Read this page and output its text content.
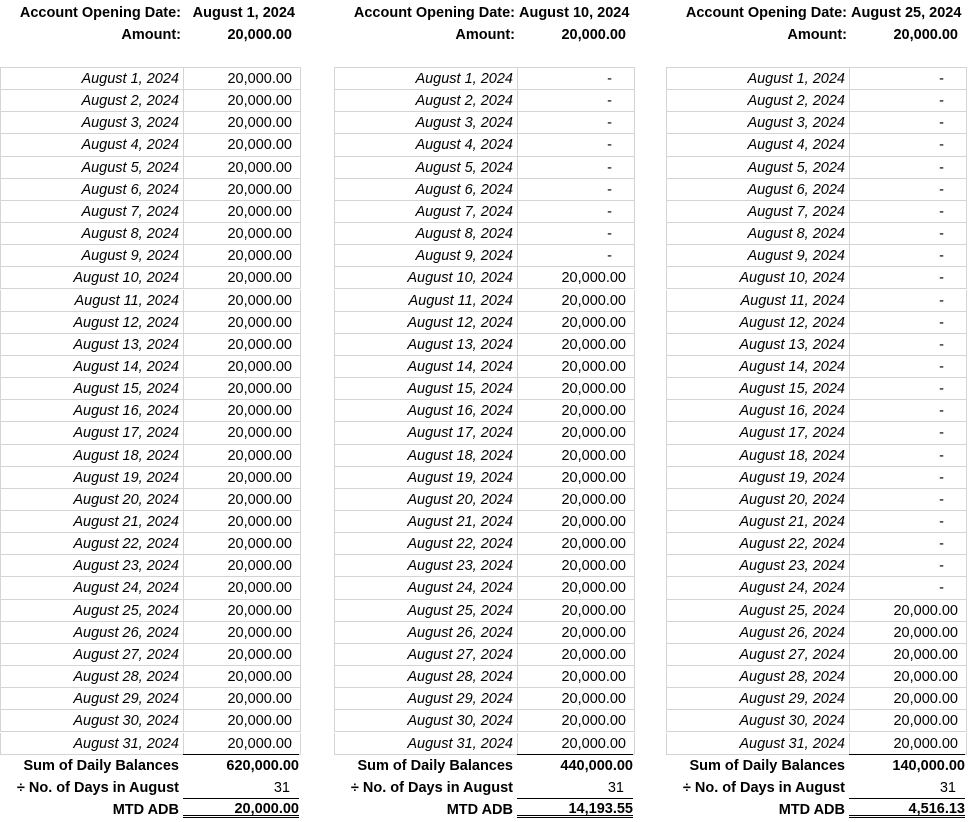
Account Opening Date: August 1, 2024
Amount:	20,000.00
August 1, 2024	20,000.00
August 2, 2024	20,000.00
August 3, 2024	20,000.00
August 4, 2024	20,000.00
August 5, 2024	20,000.00
August 6, 2024	20,000.00
August 7, 2024	20,000.00
August 8, 2024	20,000.00
August 9, 2024	20,000.00
August 10, 2024	20,000.00
August 11, 2024	20,000.00
August 12, 2024	20,000.00
August 13, 2024	20,000.00
August 14, 2024	20,000.00
August 15, 2024	20,000.00
August 16, 2024	20,000.00
August 17, 2024	20,000.00
August 18, 2024	20,000.00
August 19, 2024	20,000.00
August 20, 2024	20,000.00
August 21, 2024	20,000.00
August 22, 2024	20,000.00
August 23, 2024	20,000.00
August 24, 2024	20,000.00
August 25, 2024	20,000.00
August 26, 2024	20,000.00
August 27, 2024	20,000.00
August 28, 2024	20,000.00
August 29, 2024	20,000.00
August 30, 2024	20,000.00
August 31, 2024	20,000.00
Sum of Daily Balances	620,000.00
÷ No. of Days in August	31
MTD ADB	20,000.00
Account Opening Date: August 10, 2024
Amount:	20,000.00
August 1, 2024	-
August 2, 2024	-
August 3, 2024	-
August 4, 2024	-
August 5, 2024	-
August 6, 2024	-
August 7, 2024	-
August 8, 2024	-
August 9, 2024	-
August 10, 2024	20,000.00
August 11, 2024	20,000.00
August 12, 2024	20,000.00
August 13, 2024	20,000.00
August 14, 2024	20,000.00
August 15, 2024	20,000.00
August 16, 2024	20,000.00
August 17, 2024	20,000.00
August 18, 2024	20,000.00
August 19, 2024	20,000.00
August 20, 2024	20,000.00
August 21, 2024	20,000.00
August 22, 2024	20,000.00
August 23, 2024	20,000.00
August 24, 2024	20,000.00
August 25, 2024	20,000.00
August 26, 2024	20,000.00
August 27, 2024	20,000.00
August 28, 2024	20,000.00
August 29, 2024	20,000.00
August 30, 2024	20,000.00
August 31, 2024	20,000.00
Sum of Daily Balances	440,000.00
÷ No. of Days in August	31
MTD ADB	14,193.55
Account Opening Date: August 25, 2024
Amount:	20,000.00
August 1, 2024	-
August 2, 2024	-
August 3, 2024	-
August 4, 2024	-
August 5, 2024	-
August 6, 2024	-
August 7, 2024	-
August 8, 2024	-
August 9, 2024	-
August 10, 2024	-
August 11, 2024	-
August 12, 2024	-
August 13, 2024	-
August 14, 2024	-
August 15, 2024	-
August 16, 2024	-
August 17, 2024	-
August 18, 2024	-
August 19, 2024	-
August 20, 2024	-
August 21, 2024	-
August 22, 2024	-
August 23, 2024	-
August 24, 2024	-
August 25, 2024	20,000.00
August 26, 2024	20,000.00
August 27, 2024	20,000.00
August 28, 2024	20,000.00
August 29, 2024	20,000.00
August 30, 2024	20,000.00
August 31, 2024	20,000.00
Sum of Daily Balances	140,000.00
÷ No. of Days in August	31
MTD ADB	4,516.13
